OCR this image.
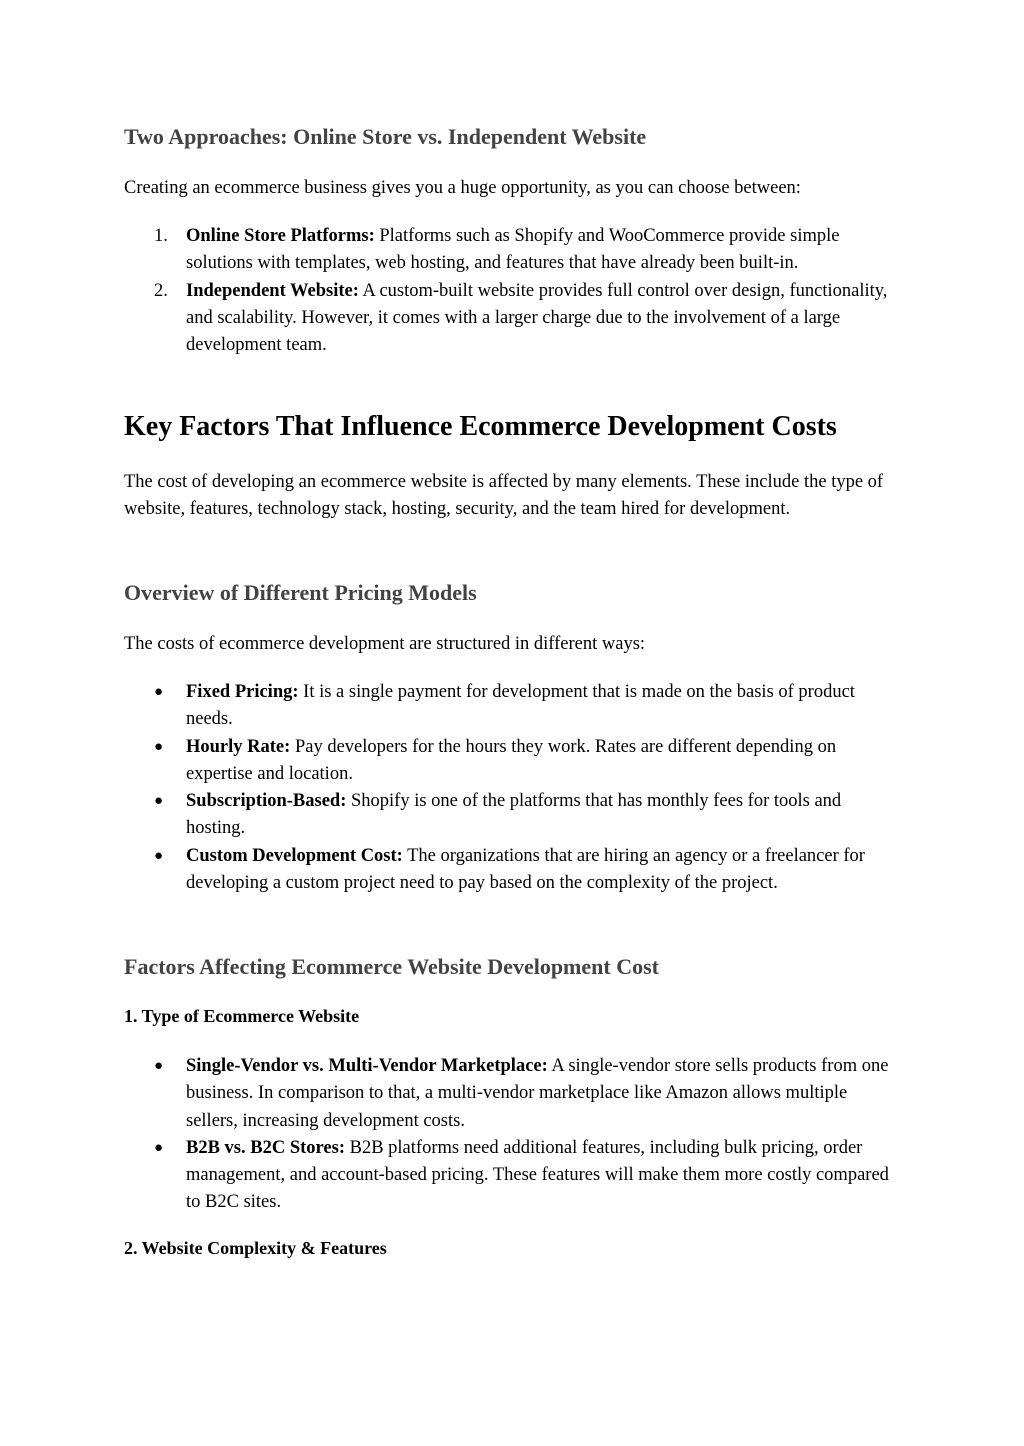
Two Approaches: Online Store vs. Independent Website

Creating an ecommerce business gives you a huge opportunity, as you can choose between:

1. Online Store Platforms: Platforms such as Shopify and WooCommerce provide simple solutions with templates, web hosting, and features that have already been built-in.
2. Independent Website: A custom-built website provides full control over design, functionality, and scalability. However, it comes with a larger charge due to the involvement of a large development team.
Key Factors That Influence Ecommerce Development Costs

The cost of developing an ecommerce website is affected by many elements. These include the type of website, features, technology stack, hosting, security, and the team hired for development.

Overview of Different Pricing Models

The costs of ecommerce development are structured in different ways:

● Fixed Pricing: It is a single payment for development that is made on the basis of product needs.
● Hourly Rate: Pay developers for the hours they work. Rates are different depending on expertise and location.
● Subscription-Based: Shopify is one of the platforms that has monthly fees for tools and hosting.
● Custom Development Cost: The organizations that are hiring an agency or a freelancer for developing a custom project need to pay based on the complexity of the project.
Factors Affecting Ecommerce Website Development Cost
1. Type of Ecommerce Website
● Single-Vendor vs. Multi-Vendor Marketplace: A single-vendor store sells products from one business. In comparison to that, a multi-vendor marketplace like Amazon allows multiple sellers, increasing development costs.
● B2B vs. B2C Stores: B2B platforms need additional features, including bulk pricing, order management, and account-based pricing. These features will make them more costly compared to B2C sites.
2. Website Complexity & Features
